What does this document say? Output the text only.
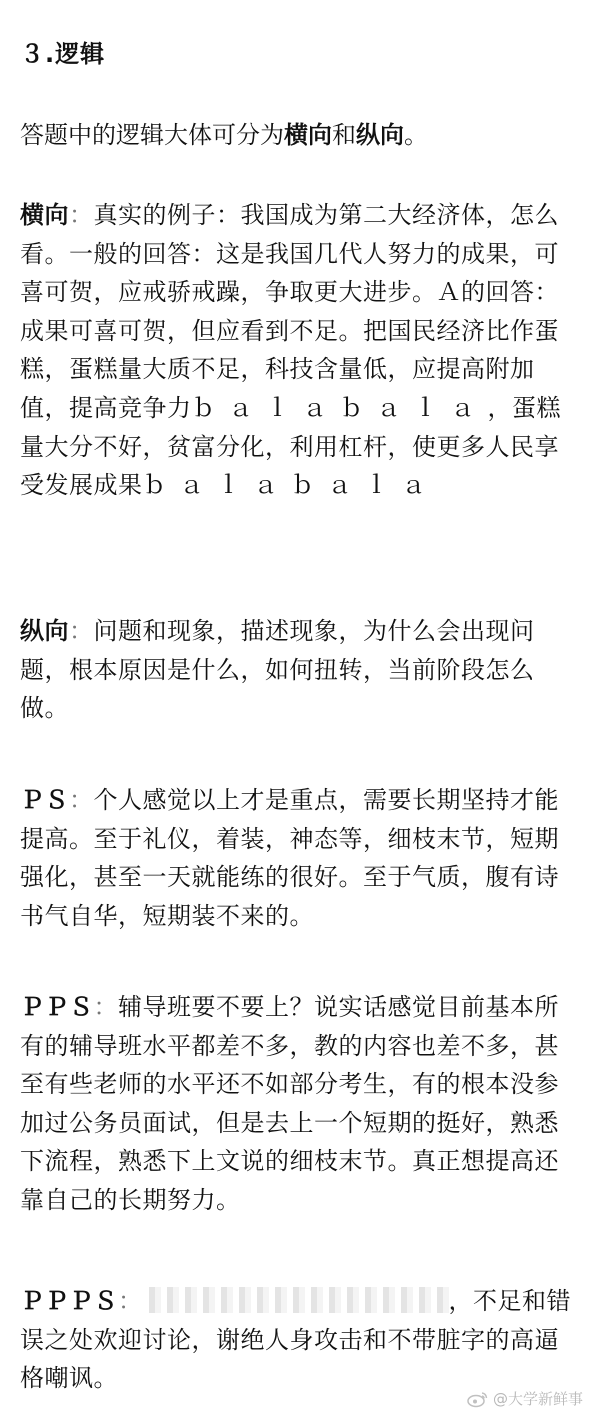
３.逻辑
答题中的逻辑大体可分为横向和纵向。
横向：真实的例子：我国成为第二大经济体，怎么看。一般的回答：这是我国几代人努力的成果，可喜可贺，应戒骄戒躁，争取更大进步。Ａ的回答：成果可喜可贺，但应看到不足。把国民经济比作蛋糕，蛋糕量大质不足，科技含量低，应提高附加值，提高竞争力ｂａｌａｂａｌａ，蛋糕量大分不好，贫富分化，利用杠杆，使更多人民享受发展成果ｂａｌａｂａｌａ
纵向：问题和现象，描述现象，为什么会出现问题，根本原因是什么，如何扭转，当前阶段怎么做。
ＰＳ：个人感觉以上才是重点，需要长期坚持才能提高。至于礼仪，着装，神态等，细枝末节，短期强化，甚至一天就能练的很好。至于气质，腹有诗书气自华，短期装不来的。
ＰＰＳ：辅导班要不要上？说实话感觉目前基本所有的辅导班水平都差不多，教的内容也差不多，甚至有些老师的水平还不如部分考生，有的根本没参加过公务员面试，但是去上一个短期的挺好，熟悉下流程，熟悉下上文说的细枝末节。真正想提高还靠自己的长期努力。
ＰＰＰＳ：	，不足和错误之处欢迎讨论，谢绝人身攻击和不带脏字的高逼格嘲讽。
@大学新鲜事
